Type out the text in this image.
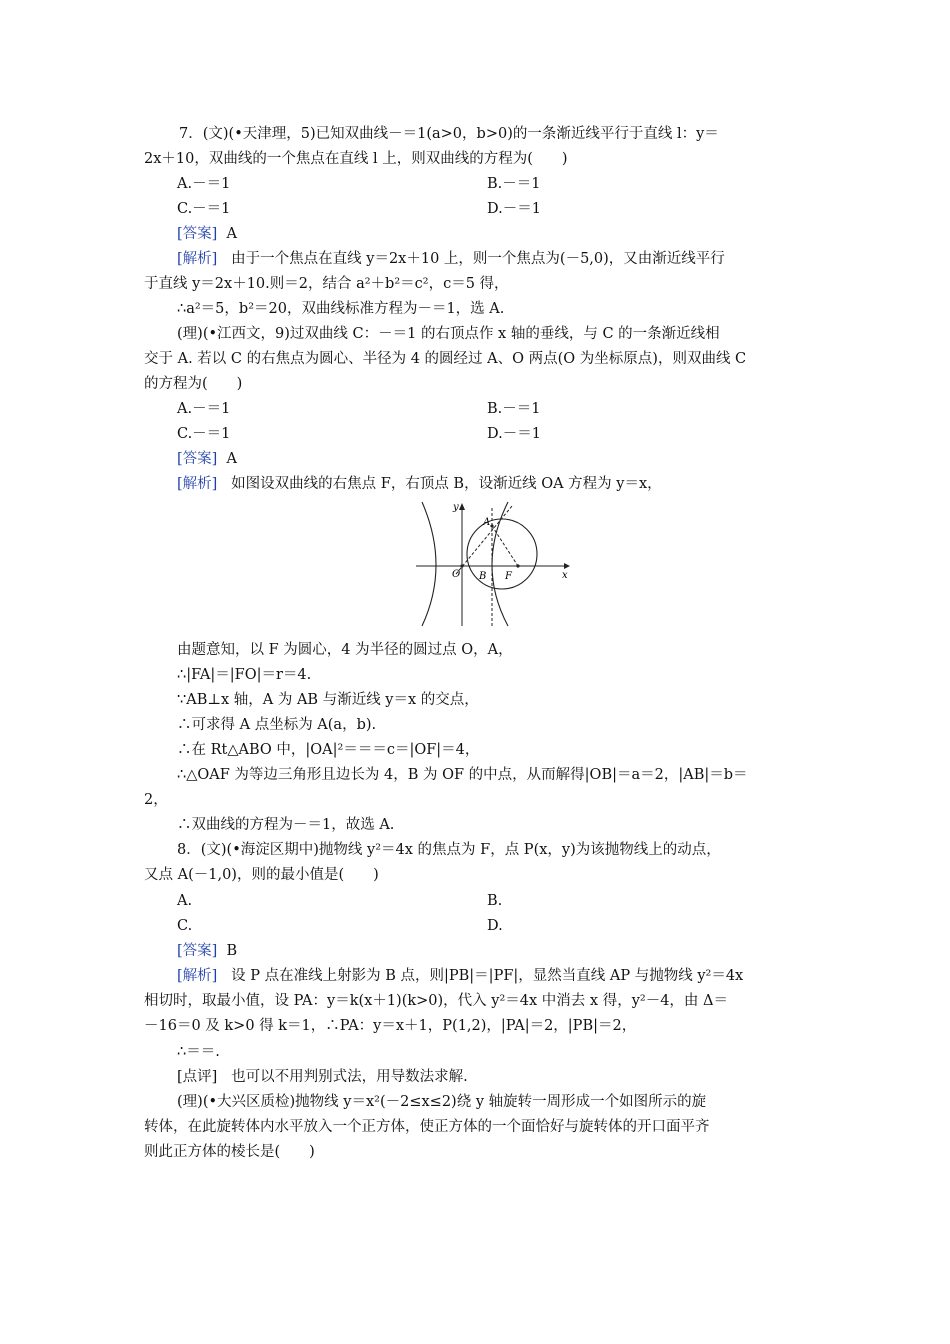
7．(文)(•天津理，5)已知双曲线－＝1(a>0，b>0)的一条渐近线平行于直线 l：y＝
2x＋10，双曲线的一个焦点在直线 l 上，则双曲线的方程为(　　)
A.－＝1	B.－＝1
C.－＝1	D.－＝1
[答案] A
[解析] 由于一个焦点在直线 y＝2x＋10 上，则一个焦点为(－5,0)，又由渐近线平行
于直线 y＝2x＋10.则＝2，结合 a²＋b²＝c²，c＝5 得，
∴a²＝5，b²＝20，双曲线标准方程为－＝1，选 A.
(理)(•江西文，9)过双曲线 C：－＝1 的右顶点作 x 轴的垂线，与 C 的一条渐近线相
交于 A. 若以 C 的右焦点为圆心、半径为 4 的圆经过 A、O 两点(O 为坐标原点)，则双曲线 C
的方程为(　　)
A.－＝1	B.－＝1
C.－＝1	D.－＝1
[答案] A
[解析] 如图设双曲线的右焦点 F，右顶点 B，设渐近线 OA 方程为 y＝x，
y
x
A
O B F
由题意知，以 F 为圆心，4 为半径的圆过点 O，A，
∴|FA|＝|FO|＝r＝4.
∵AB⊥x 轴，A 为 AB 与渐近线 y＝x 的交点，
∴可求得 A 点坐标为 A(a，b).
∴在 Rt△ABO 中，|OA|²＝＝＝c＝|OF|＝4，
∴△OAF 为等边三角形且边长为 4，B 为 OF 的中点，从而解得|OB|＝a＝2，|AB|＝b＝
2，
∴双曲线的方程为－＝1，故选 A.
8．(文)(•海淀区期中)抛物线 y²＝4x 的焦点为 F，点 P(x，y)为该抛物线上的动点，
又点 A(－1,0)，则的最小值是(　　)
A.	B.
C.	D.
[答案] B
[解析] 设 P 点在准线上射影为 B 点，则|PB|＝|PF|，显然当直线 AP 与抛物线 y²＝4x
相切时，取最小值，设 PA：y＝k(x＋1)(k>0)，代入 y²＝4x 中消去 x 得，y²－4，由 Δ＝
－16＝0 及 k>0 得 k＝1，∴PA：y＝x＋1，P(1,2)，|PA|＝2，|PB|＝2，
∴＝＝.
[点评] 也可以不用判别式法，用导数法求解.
(理)(•大兴区质检)抛物线 y＝x²(－2≤x≤2)绕 y 轴旋转一周形成一个如图所示的旋
转体，在此旋转体内水平放入一个正方体，使正方体的一个面恰好与旋转体的开口面平齐
则此正方体的棱长是(　　)
